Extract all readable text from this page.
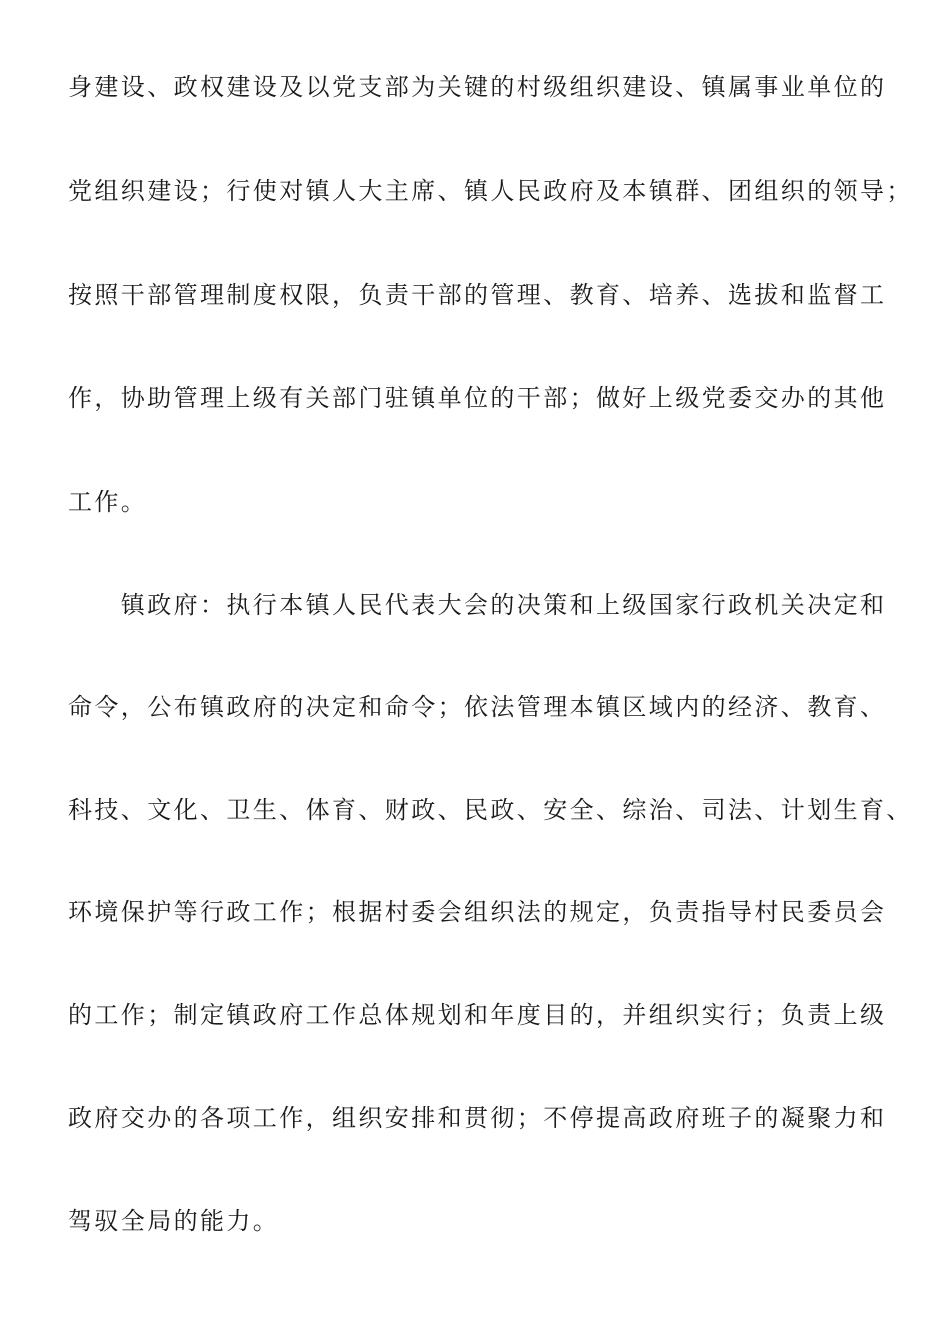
身建设、政权建设及以党支部为关键的村级组织建设、镇属事业单位的
党组织建设；行使对镇人大主席、镇人民政府及本镇群、团组织的领导；
按照干部管理制度权限，负责干部的管理、教育、培养、选拔和监督工
作，协助管理上级有关部门驻镇单位的干部；做好上级党委交办的其他
工作。
　　镇政府：执行本镇人民代表大会的决策和上级国家行政机关决定和
命令，公布镇政府的决定和命令；依法管理本镇区域内的经济、教育、
科技、文化、卫生、体育、财政、民政、安全、综治、司法、计划生育、
环境保护等行政工作；根据村委会组织法的规定，负责指导村民委员会
的工作；制定镇政府工作总体规划和年度目的，并组织实行；负责上级
政府交办的各项工作，组织安排和贯彻；不停提高政府班子的凝聚力和
驾驭全局的能力。
